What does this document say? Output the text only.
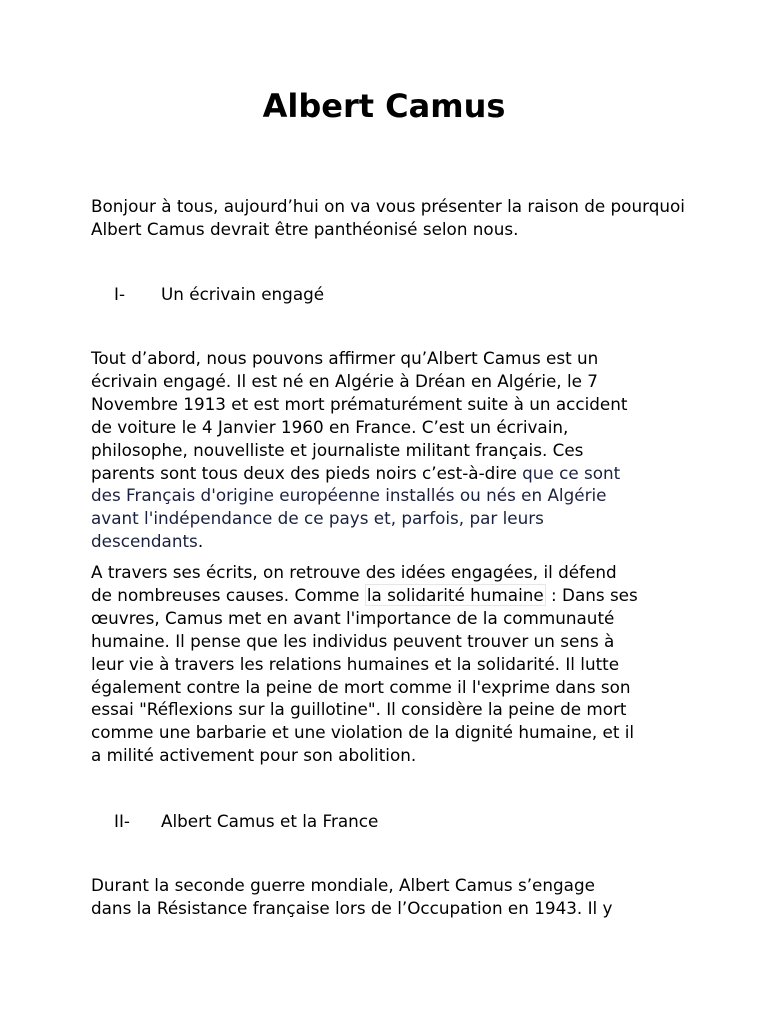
Albert Camus

Bonjour à tous, aujourd’hui on va vous présenter la raison de pourquoi Albert Camus devrait être panthéonisé selon nous.

I- Un écrivain engagé
Tout d’abord, nous pouvons affirmer qu’Albert Camus est un
écrivain engagé. Il est né en Algérie à Dréan en Algérie, le 7
Novembre 1913 et est mort prématurément suite à un accident
de voiture le 4 Janvier 1960 en France. C’est un écrivain,
philosophe, nouvelliste et journaliste militant français. Ces
parents sont tous deux des pieds noirs c’est-à-dire que ce sont
des Français d'origine européenne installés ou nés en Algérie
avant l'indépendance de ce pays et, parfois, par leurs
descendants.
A travers ses écrits, on retrouve des idées engagées, il défend
de nombreuses causes. Comme la solidarité humaine : Dans ses
œuvres, Camus met en avant l'importance de la communauté
humaine. Il pense que les individus peuvent trouver un sens à
leur vie à travers les relations humaines et la solidarité. Il lutte
également contre la peine de mort comme il l'exprime dans son
essai "Réflexions sur la guillotine". Il considère la peine de mort
comme une barbarie et une violation de la dignité humaine, et il
a milité activement pour son abolition.
II- Albert Camus et la France
Durant la seconde guerre mondiale, Albert Camus s’engage
dans la Résistance française lors de l’Occupation en 1943. Il y
